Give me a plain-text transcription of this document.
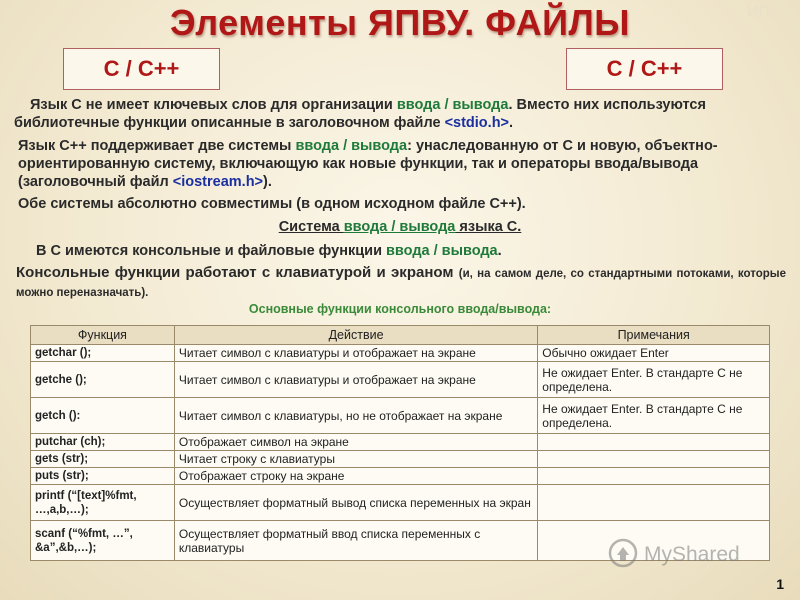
Элементы ЯПВУ. ФАЙЛЫ	ИП
C / C++	C / C++
Язык С не имеет ключевых слов для организации ввода / вывода. Вместо них используются библиотечные функции описанные в заголовочном файле <stdio.h>.
Язык С++ поддерживает две системы ввода / вывода: унаследованную от С и новую, объектно-ориентированную систему, включающую как новые функции, так и операторы ввода/вывода (заголовочный файл <iostream.h>).
Обе системы абсолютно совместимы (в одном исходном файле С++).
Система ввода / вывода языка С.
В С имеются консольные и файловые функции ввода / вывода.
Консольные функции работают с клавиатурой и экраном (и, на самом деле, со стандартными потоками, которые можно переназначать).
Основные функции консольного ввода/вывода:
Функция	Действие	Примечания
getchar ();	Читает символ с клавиатуры и отображает на экране	Обычно ожидает Enter
getche ();	Читает символ с клавиатуры и отображает на экране	Не ожидает Enter. В стандарте С не определена.
getch ():	Читает символ с клавиатуры, но не отображает на экране	Не ожидает Enter. В стандарте С не определена.
putchar (ch);	Отображает символ на экране	
gets (str);	Читает строку с клавиатуры	
puts (str);	Отображает строку на экране	
printf (“[text]%fmt, …,a,b,…);	Осуществляет форматный вывод списка переменных на экран	
scanf (“%fmt, …”, &a”,&b,…);	Осуществляет форматный ввод списка переменных с клавиатуры		MyShared
1
